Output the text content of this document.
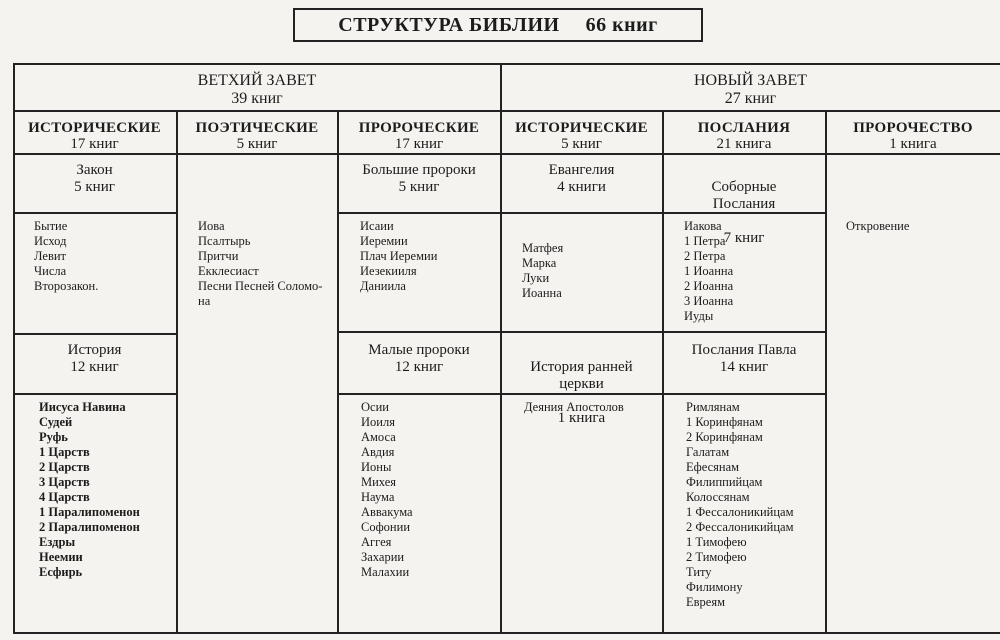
СТРУКТУРА БИБЛИИ 66 книг
ВЕТХИЙ ЗАВЕТ
39 книг
НОВЫЙ ЗАВЕТ
27 книг
ИСТОРИЧЕСКИЕ
17 книг
ПОЭТИЧЕСКИЕ
5 книг
ПРОРОЧЕСКИЕ
17 книг
ИСТОРИЧЕСКИЕ
5 книг
ПОСЛАНИЯ
21 книга
ПРОРОЧЕСТВО
1 книга
Закон
5 книг
Большие пророки
5 книг
Евангелия
4 книги	Соборные
Послания

7 книг

История
12 книг
Малые пророки
12 книг	История ранней
церкви

1 книга

Послания Павла
14 книг
Бытие
Исход
Левит
Числа
Второзакон.
Иисуса Навина
Судей
Руфь
1 Царств
2 Царств
3 Царств
4 Царств
1 Паралипоменон
2 Паралипоменон
Ездры
Неемии
Есфирь
Иова
Псалтырь
Притчи
Екклесиаст
Песни Песней Соломо-
на
Исаии
Иеремии
Плач Иеремии
Иезекииля
Даниила
Осии
Иоиля
Амоса
Авдия
Ионы
Михея
Наума
Аввакума
Софонии
Аггея
Захарии
Малахии
Матфея
Марка
Луки
Иоанна
Деяния Апостолов
Иакова
1 Петра
2 Петра
1 Иоанна
2 Иоанна
3 Иоанна
Иуды
Римлянам
1 Коринфянам
2 Коринфянам
Галатам
Ефесянам
Филиппийцам
Колоссянам
1 Фессалоникийцам
2 Фессалоникийцам
1 Тимофею
2 Тимофею
Титу
Филимону
Евреям
Откровение
